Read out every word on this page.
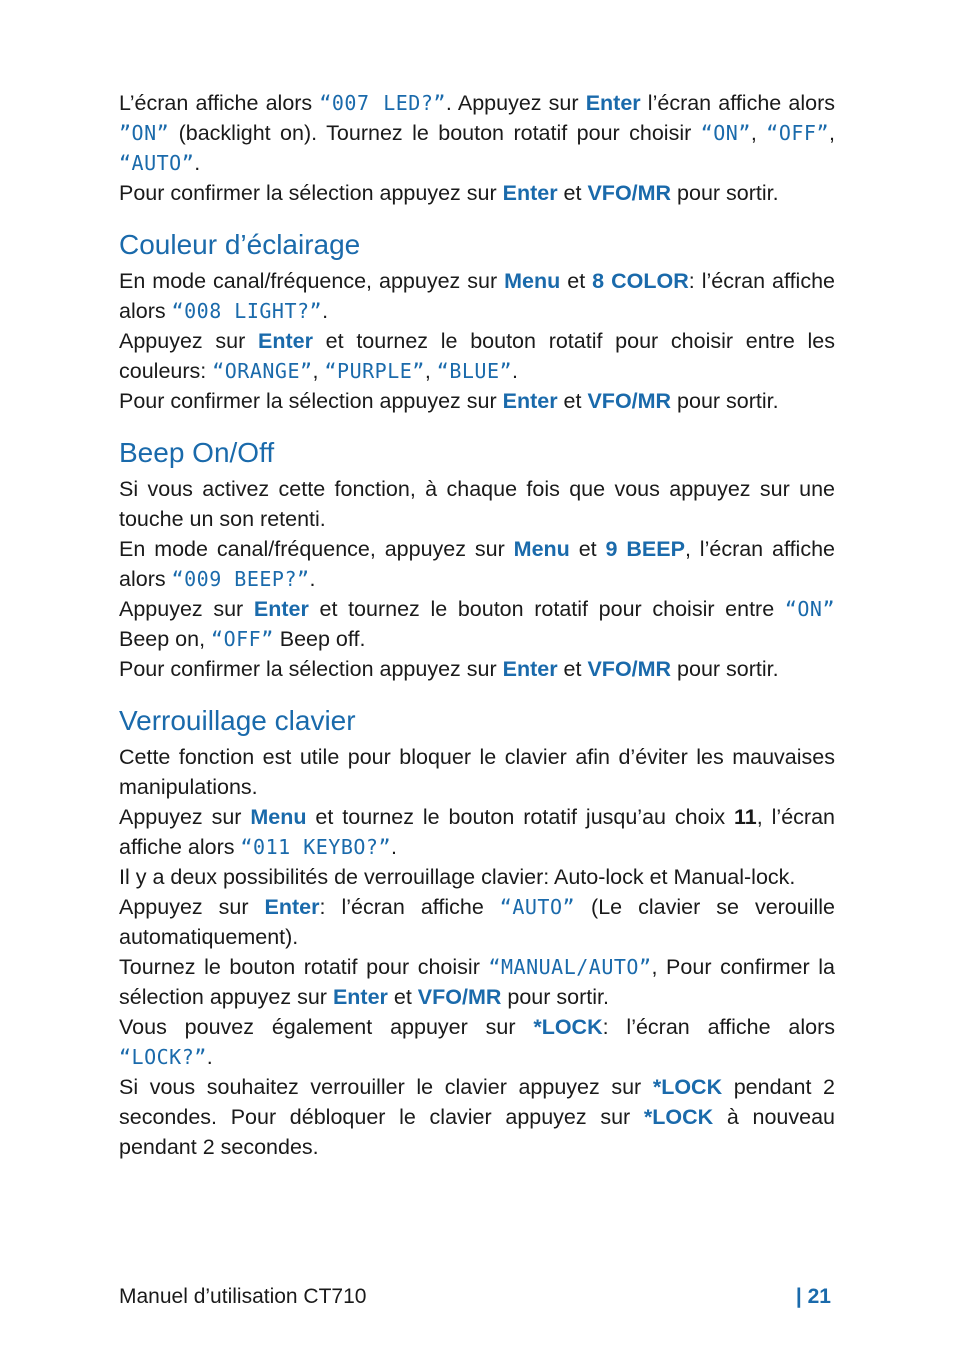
L’écran affiche alors “007 LED?”. Appuyez sur Enter l’écran affiche alors ”ON” (backlight on). Tournez le bouton rotatif pour choisir “ON”, “OFF”, “AUTO”.

Pour confirmer la sélection appuyez sur Enter et VFO/MR pour sortir.

Couleur d’éclairage

En mode canal/fréquence, appuyez sur Menu et 8 COLOR: l’écran affiche alors “008 LIGHT?”.

Appuyez sur Enter et tournez le bouton rotatif pour choisir entre les couleurs: “ORANGE”, “PURPLE”, “BLUE”.

Pour confirmer la sélection appuyez sur Enter et VFO/MR pour sortir.

Beep On/Off

Si vous activez cette fonction, à chaque fois que vous appuyez sur une touche un son retenti.

En mode canal/fréquence, appuyez sur Menu et 9 BEEP, l’écran affiche alors “009 BEEP?”.

Appuyez sur Enter et tournez le bouton rotatif pour choisir entre “ON” Beep on, “OFF” Beep off.

Pour confirmer la sélection appuyez sur Enter et VFO/MR pour sortir.

Verrouillage clavier

Cette fonction est utile pour bloquer le clavier afin d’éviter les mauvaises manipulations.

Appuyez sur Menu et tournez le bouton rotatif jusqu’au choix 11, l’écran affiche alors “011 KEYBO?”.

Il y a deux possibilités de verrouillage clavier: Auto-lock et Manual-lock.

Appuyez sur Enter: l’écran affiche “AUTO” (Le clavier se verouille automatiquement).

Tournez le bouton rotatif pour choisir “MANUAL/AUTO”, Pour confirmer la sélection appuyez sur Enter et VFO/MR pour sortir.

Vous pouvez également appuyer sur *LOCK: l’écran affiche alors “LOCK?”.

Si vous souhaitez verrouiller le clavier appuyez sur *LOCK pendant 2 secondes. Pour débloquer le clavier appuyez sur *LOCK à nouveau pendant 2 secondes.

Manuel d’utilisation CT710	| 21
